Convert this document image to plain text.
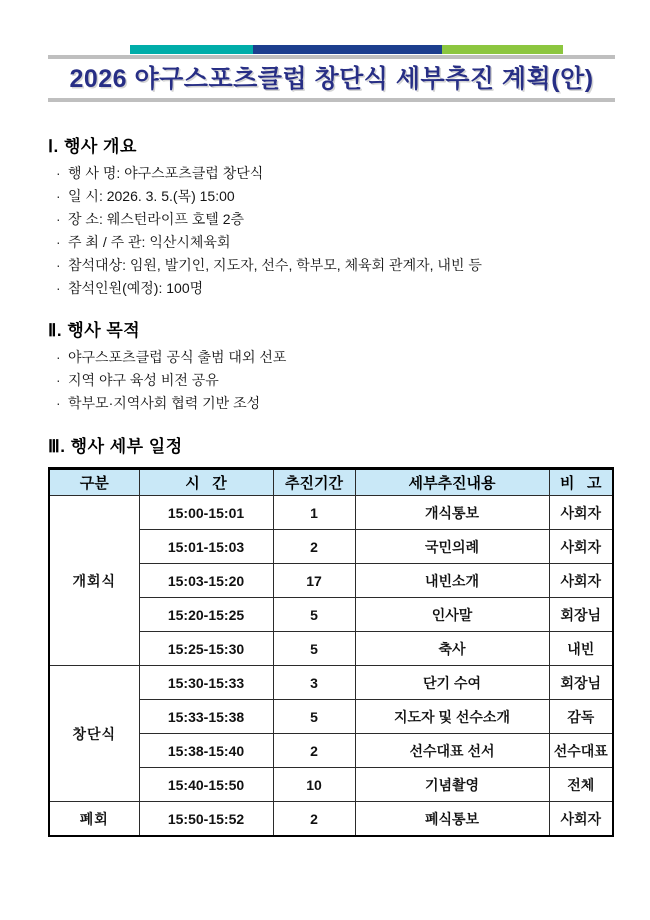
2026 야구스포츠클럽 창단식 세부추진 계획(안)
Ⅰ. 행사 개요
· 행 사 명: 야구스포츠클럽 창단식
· 일 시: 2026. 3. 5.(목) 15:00
· 장 소: 웨스턴라이프 호텔 2층
· 주 최 / 주 관: 익산시체육회
· 참석대상: 임원, 발기인, 지도자, 선수, 학부모, 체육회 관계자, 내빈 등
· 참석인원(예정): 100명
Ⅱ. 행사 목적
· 야구스포츠클럽 공식 출범 대외 선포
· 지역 야구 육성 비전 공유
· 학부모·지역사회 협력 기반 조성
Ⅲ. 행사 세부 일정
구분	시   간	추진기간	세부추진내용	비   고
개회식	15:00-15:01	1	개식통보	사회자
	15:01-15:03	2	국민의례	사회자
	15:03-15:20	17	내빈소개	사회자
	15:20-15:25	5	인사말	회장님
	15:25-15:30	5	축사	내빈
창단식	15:30-15:33	3	단기 수여	회장님
	15:33-15:38	5	지도자 및 선수소개	감독
	15:38-15:40	2	선수대표 선서	선수대표
	15:40-15:50	10	기념촬영	전체
폐회	15:50-15:52	2	폐식통보	사회자
